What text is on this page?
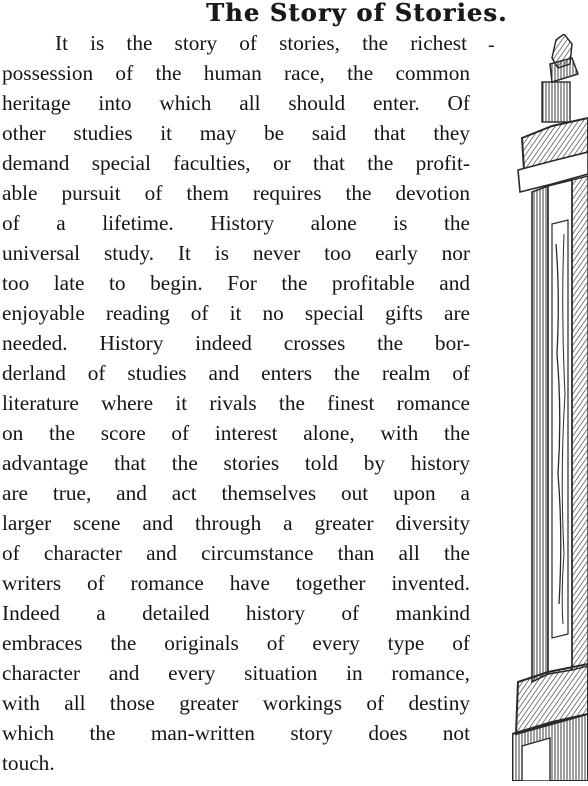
The Story of Stories.
It is the story of stories, the richest
possession of the human race, the common
heritage into which all should enter. Of
other studies it may be said that they
demand special faculties, or that the profit-
able pursuit of them requires the devotion
of a lifetime. History alone is the
universal study. It is never too early nor
too late to begin. For the profitable and
enjoyable reading of it no special gifts are
needed. History indeed crosses the bor-
derland of studies and enters the realm of
literature where it rivals the finest romance
on the score of interest alone, with the
advantage that the stories told by history
are true, and act themselves out upon a
larger scene and through a greater diversity
of character and circumstance than all the
writers of romance have together invented.
Indeed a detailed history of mankind
embraces the originals of every type of
character and every situation in romance,
with all those greater workings of destiny
which the man-written story does not
touch.
-
